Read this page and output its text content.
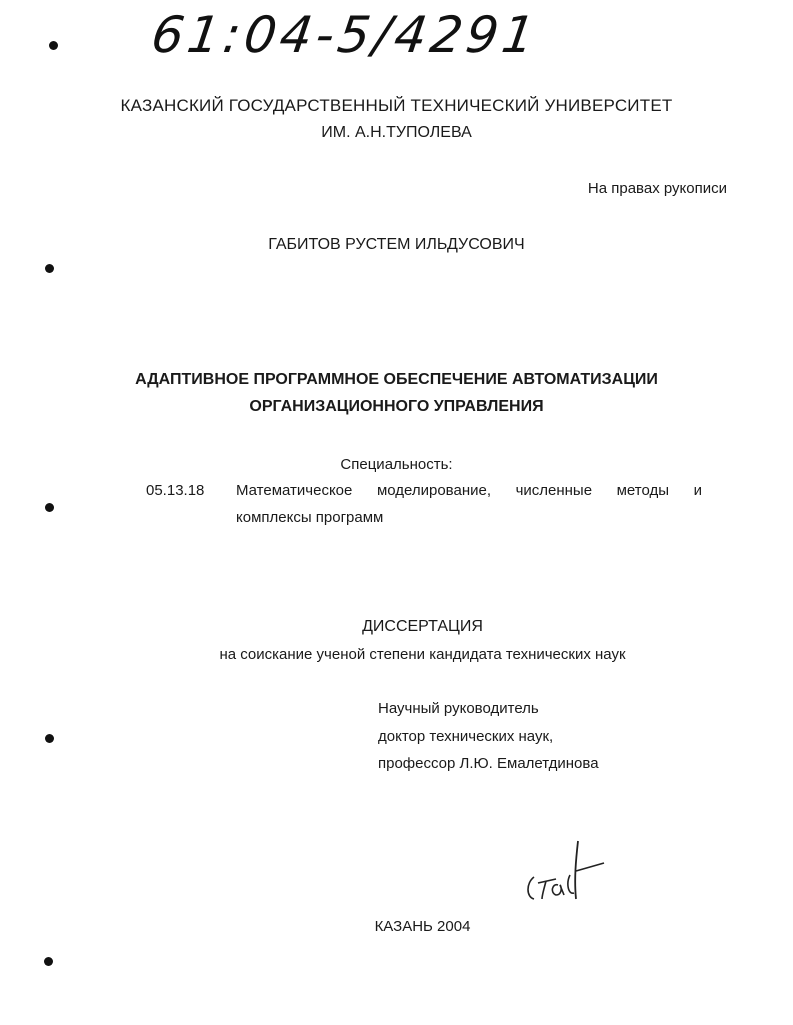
61:04-5/4291
КАЗАНСКИЙ ГОСУДАРСТВЕННЫЙ ТЕХНИЧЕСКИЙ УНИВЕРСИТЕТ
ИМ. А.Н.ТУПОЛЕВА
На правах рукописи
ГАБИТОВ РУСТЕМ ИЛЬДУСОВИЧ
АДАПТИВНОЕ ПРОГРАММНОЕ ОБЕСПЕЧЕНИЕ АВТОМАТИЗАЦИИ
ОРГАНИЗАЦИОННОГО УПРАВЛЕНИЯ
Специальность:
05.13.18 Математическое моделирование, численные методы и
комплексы программ
ДИССЕРТАЦИЯ
на соискание ученой степени кандидата технических наук
Научный руководитель
доктор технических наук,
профессор Л.Ю. Емалетдинова
КАЗАНЬ 2004
